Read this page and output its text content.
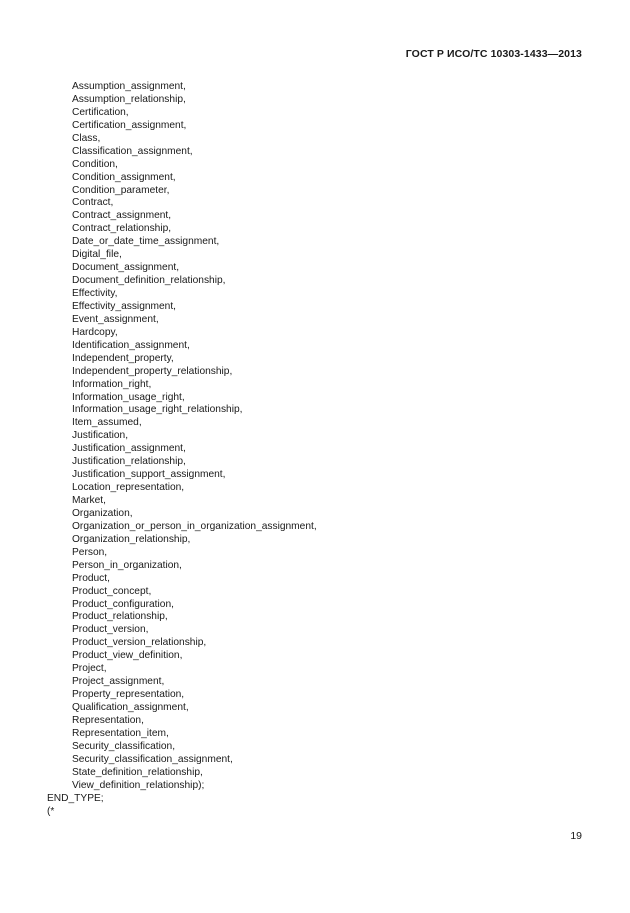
ГОСТ Р ИСО/ТС 10303-1433—2013
Assumption_assignment,
Assumption_relationship,
Certification,
Certification_assignment,
Class,
Classification_assignment,
Condition,
Condition_assignment,
Condition_parameter,
Contract,
Contract_assignment,
Contract_relationship,
Date_or_date_time_assignment,
Digital_file,
Document_assignment,
Document_definition_relationship,
Effectivity,
Effectivity_assignment,
Event_assignment,
Hardcopy,
Identification_assignment,
Independent_property,
Independent_property_relationship,
Information_right,
Information_usage_right,
Information_usage_right_relationship,
Item_assumed,
Justification,
Justification_assignment,
Justification_relationship,
Justification_support_assignment,
Location_representation,
Market,
Organization,
Organization_or_person_in_organization_assignment,
Organization_relationship,
Person,
Person_in_organization,
Product,
Product_concept,
Product_configuration,
Product_relationship,
Product_version,
Product_version_relationship,
Product_view_definition,
Project,
Project_assignment,
Property_representation,
Qualification_assignment,
Representation,
Representation_item,
Security_classification,
Security_classification_assignment,
State_definition_relationship,
View_definition_relationship);
END_TYPE;
(*
19
